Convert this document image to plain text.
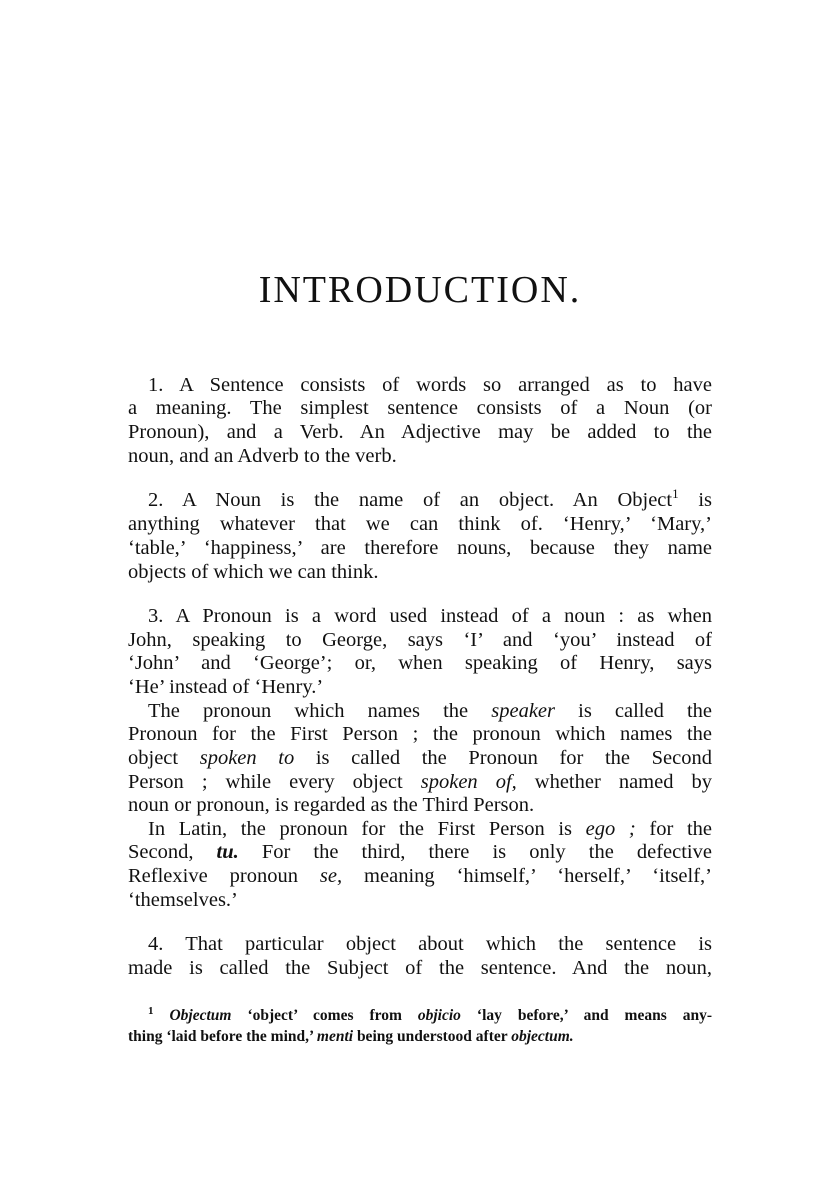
INTRODUCTION.

1. A Sentence consists of words so arranged as to have

a meaning. The simplest sentence consists of a Noun (or

Pronoun), and a Verb. An Adjective may be added to the

noun, and an Adverb to the verb.

2. A Noun is the name of an object. An Object$^1$ is

anything whatever that we can think of. ‘Henry,’ ‘Mary,’

‘table,’ ‘happiness,’ are therefore nouns, because they name

objects of which we can think.

3. A Pronoun is a word used instead of a noun : as when

John, speaking to George, says ‘I’ and ‘you’ instead of

‘John’ and ‘George’; or, when speaking of Henry, says

‘He’ instead of ‘Henry.’

The pronoun which names the speaker is called the

Pronoun for the First Person ; the pronoun which names the

object spoken to is called the Pronoun for the Second

Person ; while every object spoken of, whether named by

noun or pronoun, is regarded as the Third Person.

In Latin, the pronoun for the First Person is ego ; for the

Second, tu. For the third, there is only the defective

Reflexive pronoun se, meaning ‘himself,’ ‘herself,’ ‘itself,’

‘themselves.’

4. That particular object about which the sentence is

made is called the Subject of the sentence. And the noun,

$^1$ Objectum ‘object’ comes from objicio ‘lay before,’ and means any-

thing ‘laid before the mind,’ menti being understood after objectum.
